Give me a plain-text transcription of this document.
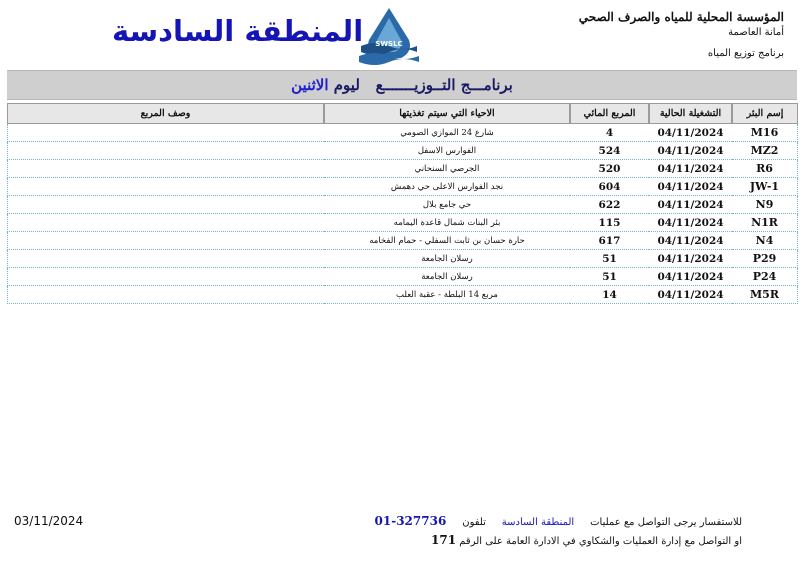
المنطقة السادسة SWSLC
المؤسسة المحلية للمياه والصرف الصحي
أمانة العاصمة
برنامج توزيع المياه
برنامـــج التــوزيـــــــع   ليوم الاثنين
إسم البئر	التشغيلة الحالية	المربع المائي	الاحياء التي سيتم تغذيتها	وصف المربع
M16	04/11/2024	4	شارع 24 الموازي الصومي	
MZ2	04/11/2024	524	الفوارس الاسفل	
R6	04/11/2024	520	الجرصي السنحاني	
JW-1	04/11/2024	604	نجد الفوارس الاعلى حي دهمش	
N9	04/11/2024	622	حي جامع بلال	
N1R	04/11/2024	115	بئر البنات شمال قاعدة اليمامه	
N4	04/11/2024	617	حارة حسان بن ثابت السفلي - حمام الفخامه	
P29	04/11/2024	51	رسلان الجامعة	
P24	04/11/2024	51	رسلان الجامعة	
M5R	04/11/2024	14	مربع 14 البلطة - عقبة العلب	
03/11/2024	للاستفسار يرجى التواصل مع عمليات     المنطقة السادسة     تلفون     01-327736
او التواصل مع إدارة العمليات والشكاوي في الادارة العامة على الرقم 171
